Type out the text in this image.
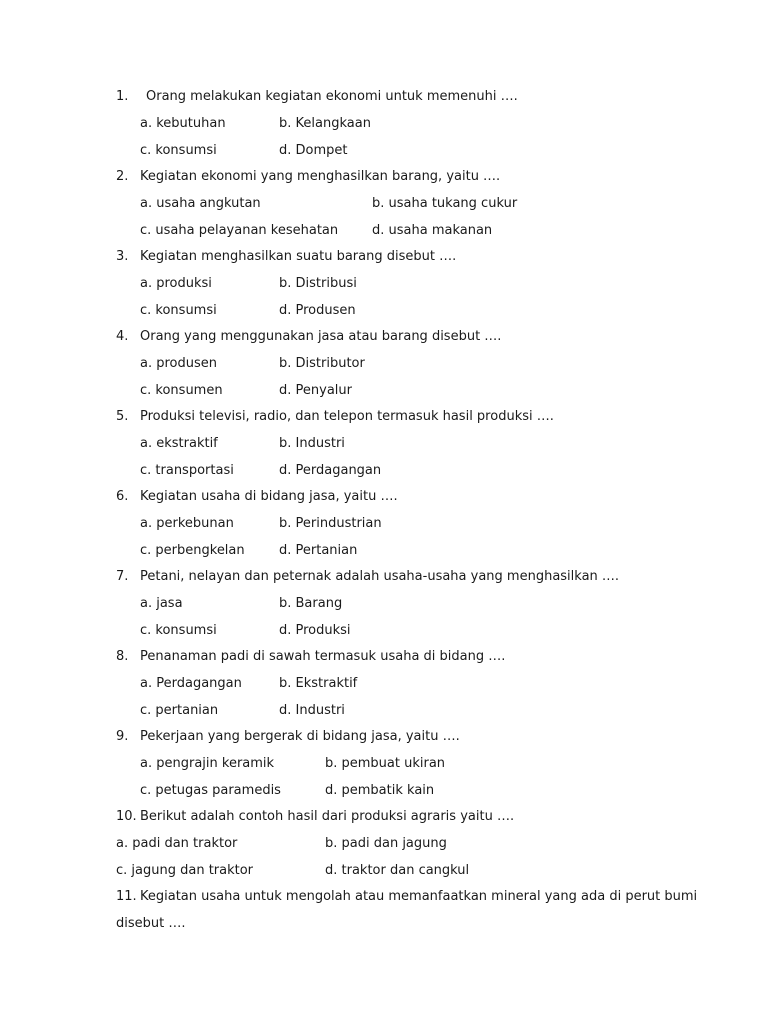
1. Orang melakukan kegiatan ekonomi untuk memenuhi ….
a. kebutuhan	b. Kelangkaan
c. konsumsi	d. Dompet
2. Kegiatan ekonomi yang menghasilkan barang, yaitu ….
a. usaha angkutan	b. usaha tukang cukur
c. usaha pelayanan kesehatan	d. usaha makanan
3. Kegiatan menghasilkan suatu barang disebut ….
a. produksi	b. Distribusi
c. konsumsi	d. Produsen
4. Orang yang menggunakan jasa atau barang disebut ….
a. produsen	b. Distributor
c. konsumen	d. Penyalur
5. Produksi televisi, radio, dan telepon termasuk hasil produksi ….
a. ekstraktif	b. Industri
c. transportasi	d. Perdagangan
6. Kegiatan usaha di bidang jasa, yaitu ….
a. perkebunan	b. Perindustrian
c. perbengkelan	d. Pertanian
7. Petani, nelayan dan peternak adalah usaha-usaha yang menghasilkan ….
a. jasa	b. Barang
c. konsumsi	d. Produksi
8. Penanaman padi di sawah termasuk usaha di bidang ….
a. Perdagangan	b. Ekstraktif
c. pertanian	d. Industri
9. Pekerjaan yang bergerak di bidang jasa, yaitu ….
a. pengrajin keramik	b. pembuat ukiran
c. petugas paramedis	d. pembatik kain
10. Berikut adalah contoh hasil dari produksi agraris yaitu ….
a. padi dan traktor	b. padi dan jagung
c. jagung dan traktor	d. traktor dan cangkul
11. Kegiatan usaha untuk mengolah atau memanfaatkan mineral yang ada di perut bumi
disebut ….
